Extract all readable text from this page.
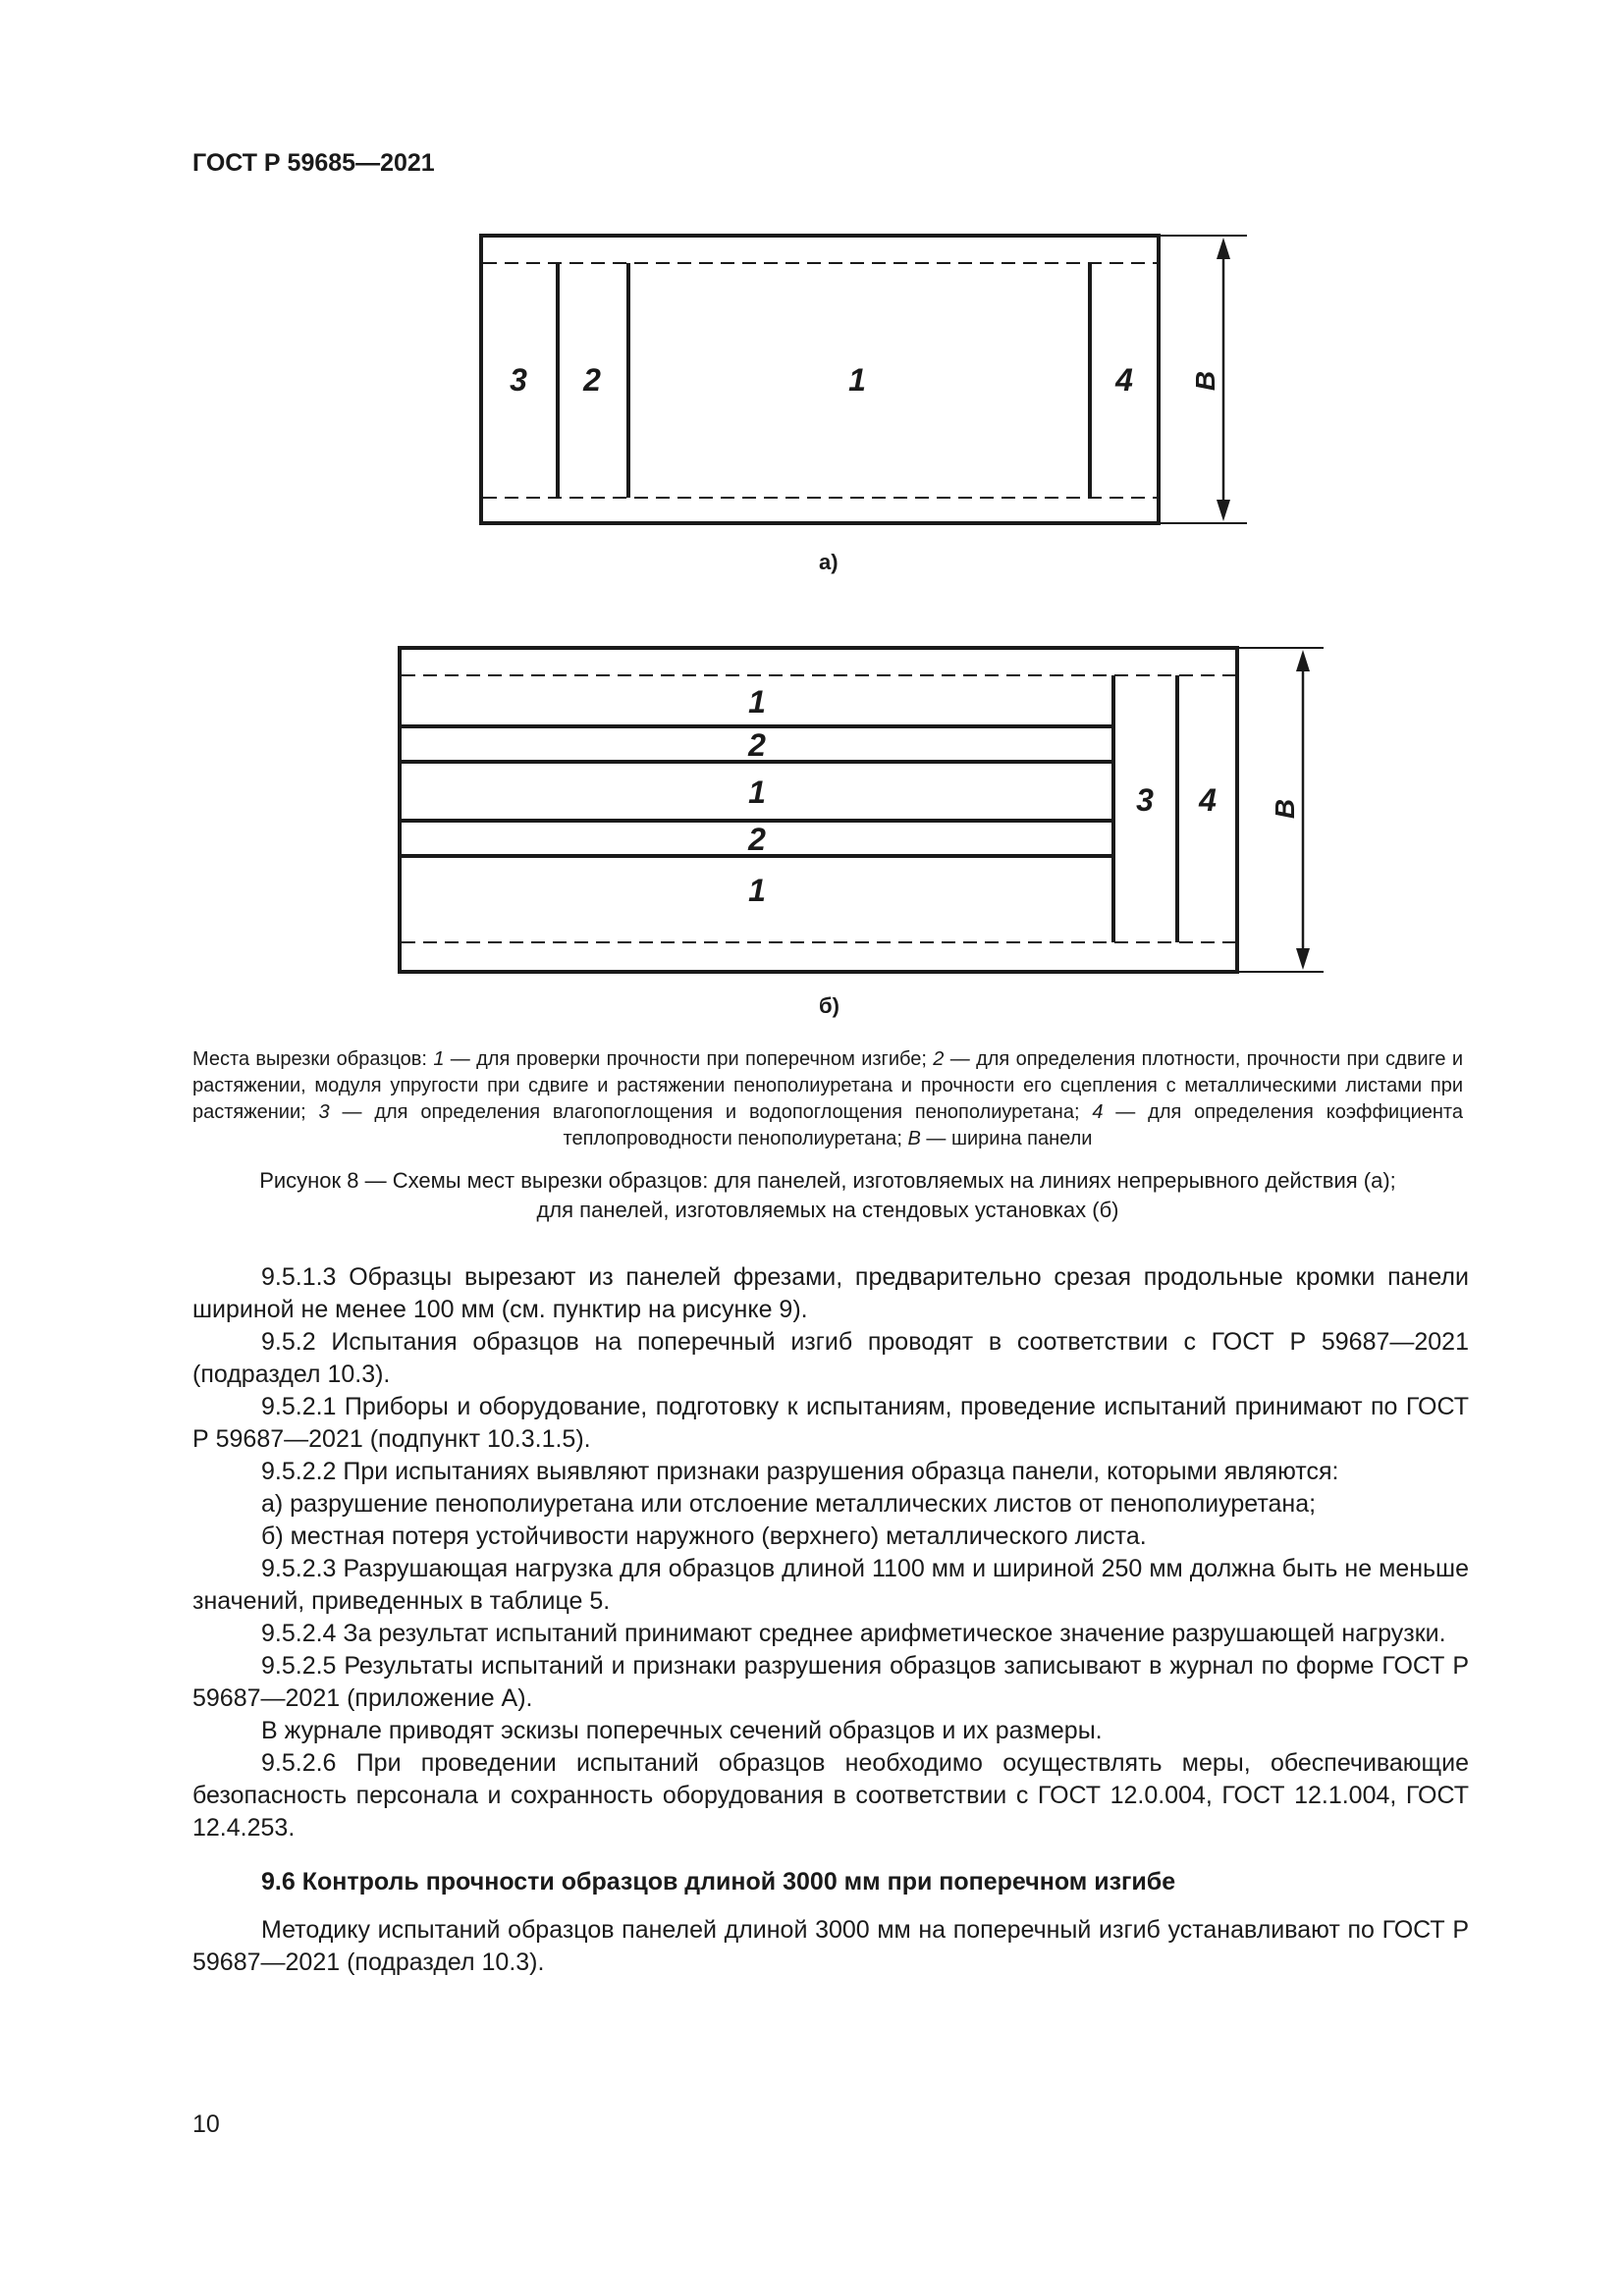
ГОСТ Р 59685—2021
3 2	1	4 B
а)
1
2
1
2
1
3 4 B
б)
Места вырезки образцов: 1 — для проверки прочности при поперечном изгибе; 2 — для определения плотности, прочности при сдвиге и растяжении, модуля упругости при сдвиге и растяжении пенополиуретана и прочности его сцепления с металлическими листами при растяжении; 3 — для определения влагопоглощения и водопоглощения пенополиуретана; 4 — для определения коэффициента теплопроводности пенополиуретана; В — ширина панели
Рисунок 8 — Схемы мест вырезки образцов: для панелей, изготовляемых на линиях непрерывного действия (а);
для панелей, изготовляемых на стендовых установках (б)

9.5.1.3 Образцы вырезают из панелей фрезами, предварительно срезая продольные кромки панели шириной не менее 100 мм (см. пунктир на рисунке 9).

9.5.2 Испытания образцов на поперечный изгиб проводят в соответствии с ГОСТ Р 59687—2021 (подраздел 10.3).

9.5.2.1 Приборы и оборудование, подготовку к испытаниям, проведение испытаний принимают по ГОСТ Р 59687—2021 (подпункт 10.3.1.5).

9.5.2.2 При испытаниях выявляют признаки разрушения образца панели, которыми являются:

а) разрушение пенополиуретана или отслоение металлических листов от пенополиуретана;

б) местная потеря устойчивости наружного (верхнего) металлического листа.

9.5.2.3 Разрушающая нагрузка для образцов длиной 1100 мм и шириной 250 мм должна быть не меньше значений, приведенных в таблице 5.

9.5.2.4 За результат испытаний принимают среднее арифметическое значение разрушающей нагрузки.

9.5.2.5 Результаты испытаний и признаки разрушения образцов записывают в журнал по форме ГОСТ Р 59687—2021 (приложение А).

В журнале приводят эскизы поперечных сечений образцов и их размеры.

9.5.2.6 При проведении испытаний образцов необходимо осуществлять меры, обеспечивающие безопасность персонала и сохранность оборудования в соответствии с ГОСТ 12.0.004, ГОСТ 12.1.004, ГОСТ 12.4.253.

9.6 Контроль прочности образцов длиной 3000 мм при поперечном изгибе

Методику испытаний образцов панелей длиной 3000 мм на поперечный изгиб устанавливают по ГОСТ Р 59687—2021 (подраздел 10.3).

10
